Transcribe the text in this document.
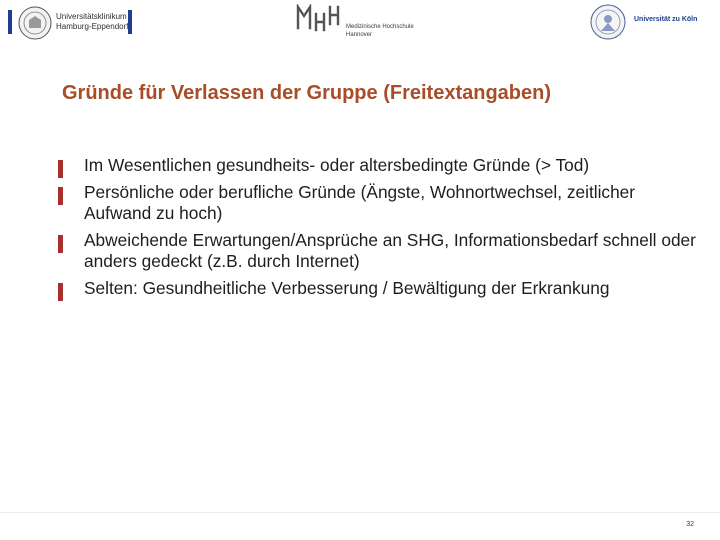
Universitätsklinikum
Hamburg-Eppendorf	Medizinische Hochschule
Hannover
Universität zu Köln
Gründe für Verlassen der Gruppe (Freitextangaben)
Im Wesentlichen gesundheits- oder altersbedingte Gründe (> Tod)
Persönliche oder berufliche Gründe (Ängste, Wohnortwechsel, zeitlicher Aufwand zu hoch)
Abweichende Erwartungen/Ansprüche an SHG, Informationsbedarf schnell oder anders gedeckt (z.B. durch Internet)
Selten: Gesundheitliche Verbesserung / Bewältigung der Erkrankung
32
